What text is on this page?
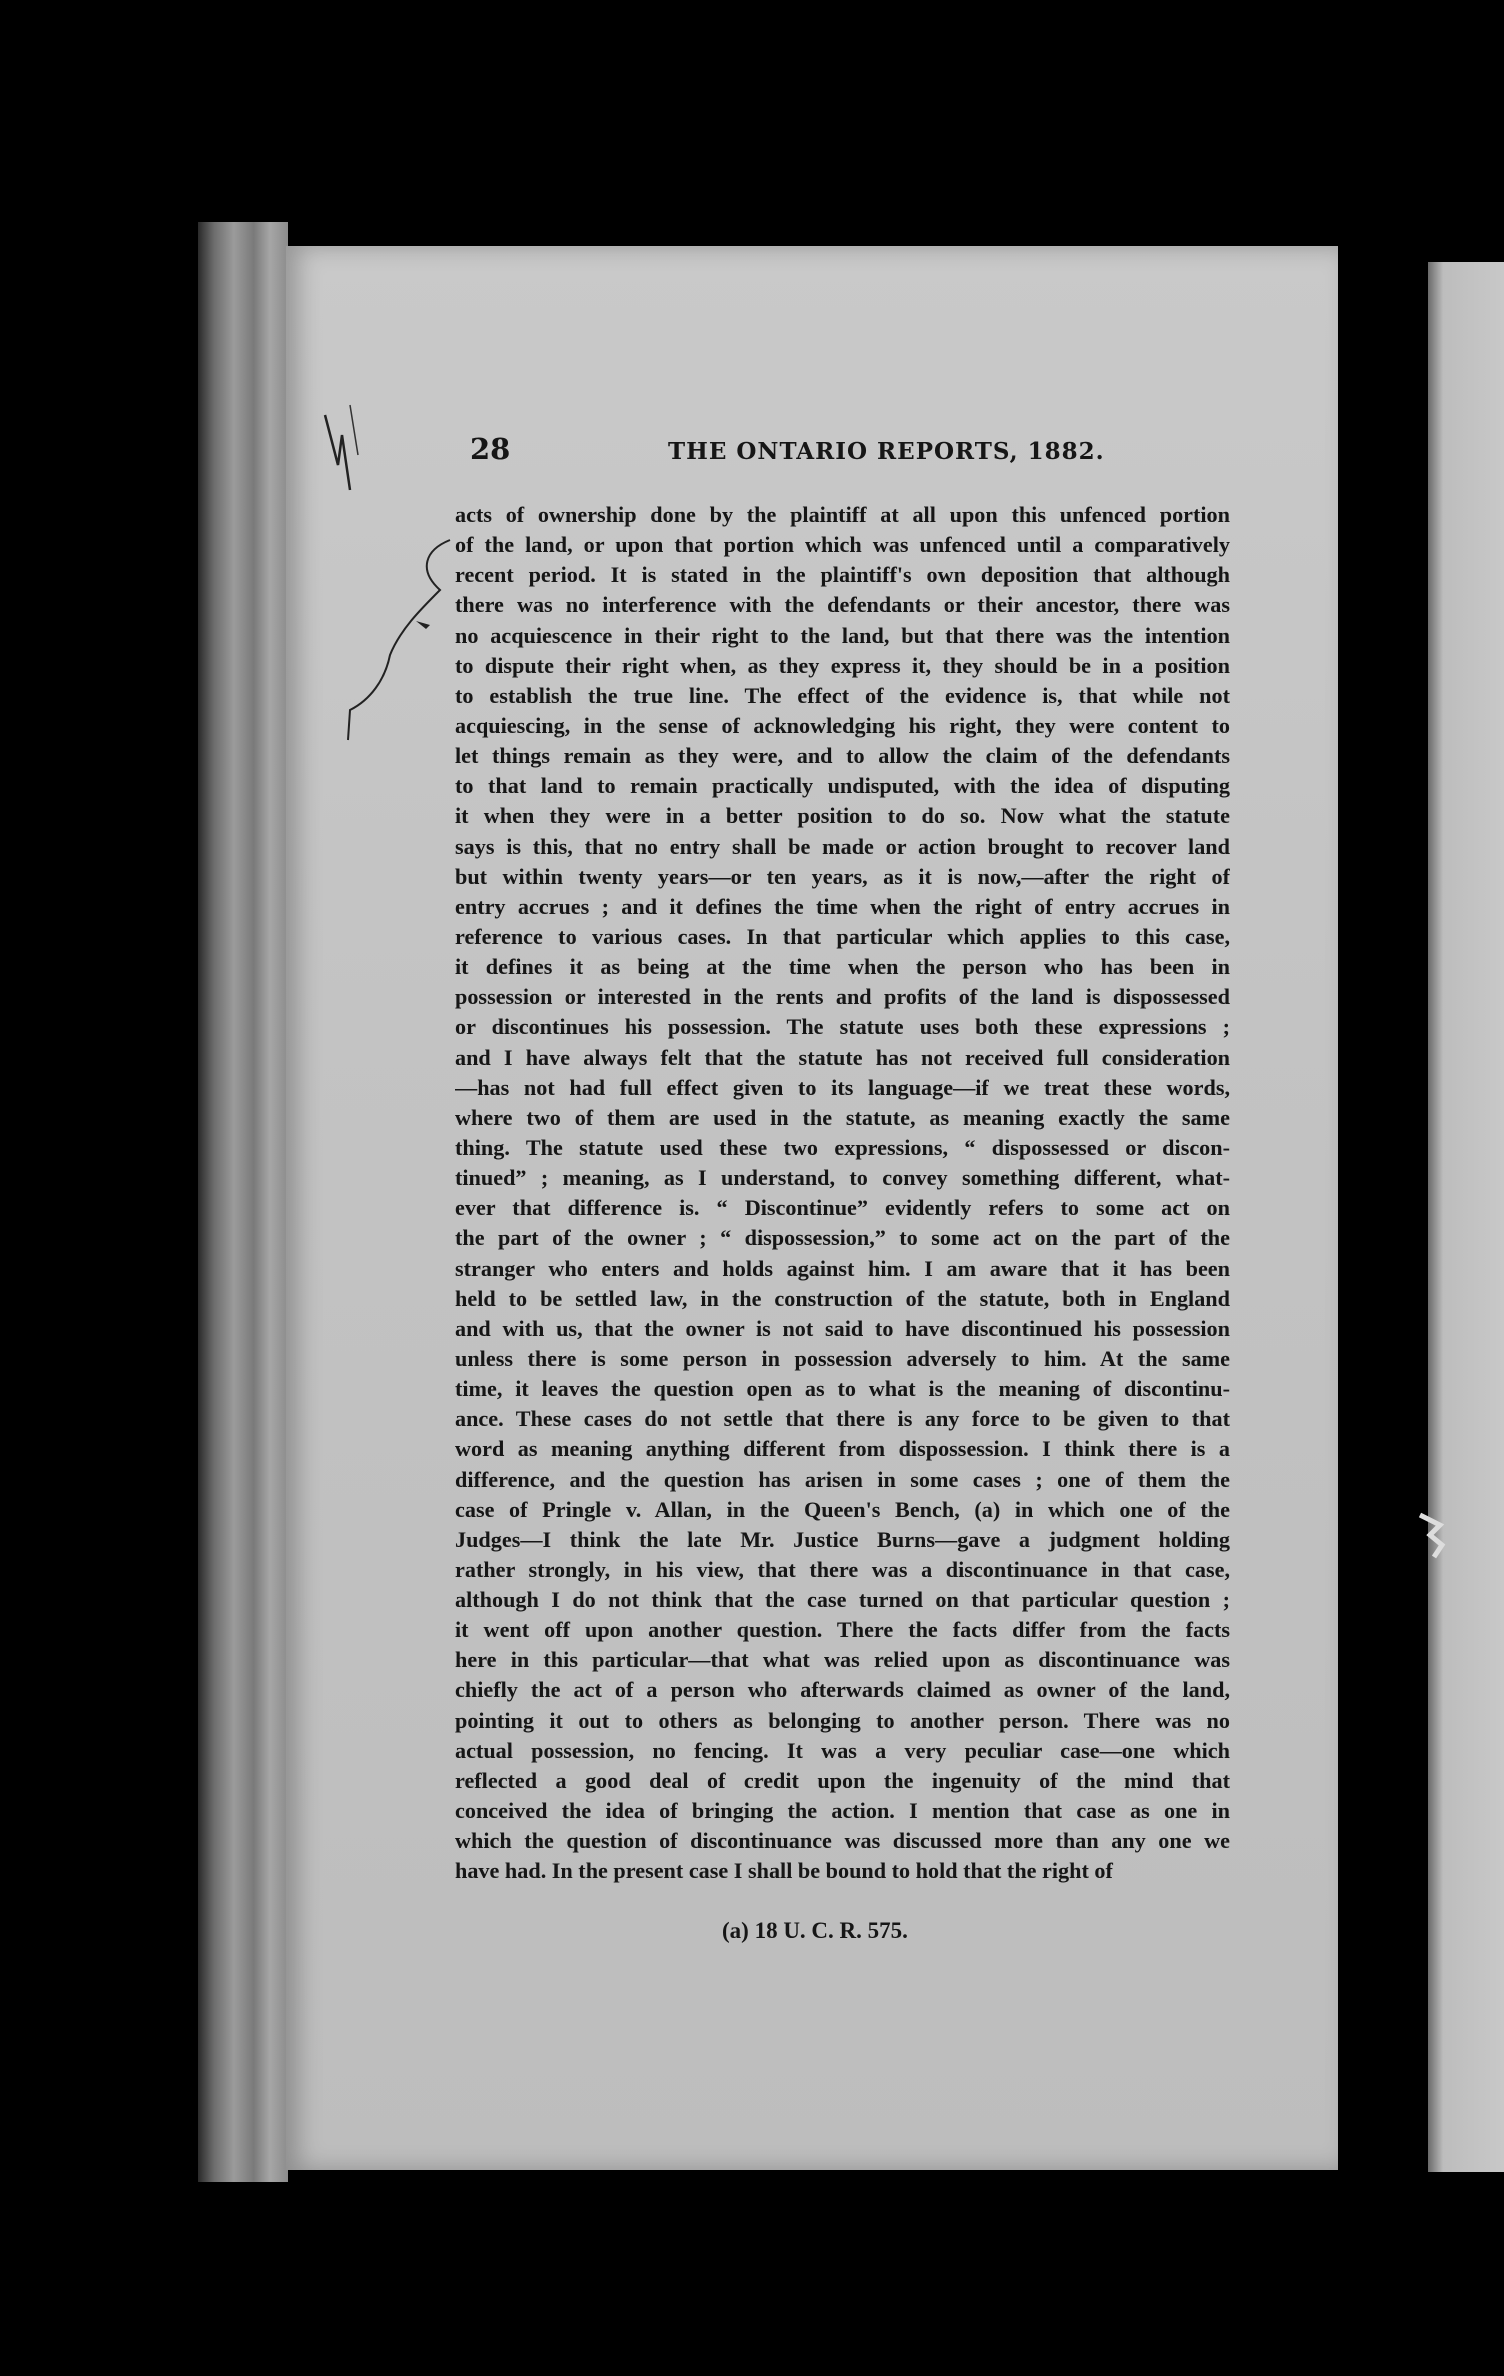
28	THE ONTARIO REPORTS, 1882.
acts of ownership done by the plaintiff at all upon this unfenced portion
of the land, or upon that portion which was unfenced until a comparatively
recent period. It is stated in the plaintiff's own deposition that although
there was no interference with the defendants or their ancestor, there was
no acquiescence in their right to the land, but that there was the intention
to dispute their right when, as they express it, they should be in a position
to establish the true line. The effect of the evidence is, that while not
acquiescing, in the sense of acknowledging his right, they were content to
let things remain as they were, and to allow the claim of the defendants
to that land to remain practically undisputed, with the idea of disputing
it when they were in a better position to do so. Now what the statute
says is this, that no entry shall be made or action brought to recover land
but within twenty years—or ten years, as it is now,—after the right of
entry accrues ; and it defines the time when the right of entry accrues in
reference to various cases. In that particular which applies to this case,
it defines it as being at the time when the person who has been in
possession or interested in the rents and profits of the land is dispossessed
or discontinues his possession. The statute uses both these expressions ;
and I have always felt that the statute has not received full consideration
—has not had full effect given to its language—if we treat these words,
where two of them are used in the statute, as meaning exactly the same
thing. The statute used these two expressions, “ dispossessed or discon-
tinued” ; meaning, as I understand, to convey something different, what-
ever that difference is. “ Discontinue” evidently refers to some act on
the part of the owner ; “ dispossession,” to some act on the part of the
stranger who enters and holds against him. I am aware that it has been
held to be settled law, in the construction of the statute, both in England
and with us, that the owner is not said to have discontinued his possession
unless there is some person in possession adversely to him. At the same
time, it leaves the question open as to what is the meaning of discontinu-
ance. These cases do not settle that there is any force to be given to that
word as meaning anything different from dispossession. I think there is a
difference, and the question has arisen in some cases ; one of them the
case of Pringle v. Allan, in the Queen's Bench, (a) in which one of the
Judges—I think the late Mr. Justice Burns—gave a judgment holding
rather strongly, in his view, that there was a discontinuance in that case,
although I do not think that the case turned on that particular question ;
it went off upon another question. There the facts differ from the facts
here in this particular—that what was relied upon as discontinuance was
chiefly the act of a person who afterwards claimed as owner of the land,
pointing it out to others as belonging to another person. There was no
actual possession, no fencing. It was a very peculiar case—one which
reflected a good deal of credit upon the ingenuity of the mind that
conceived the idea of bringing the action. I mention that case as one in
which the question of discontinuance was discussed more than any one we
have had. In the present case I shall be bound to hold that the right of
(a) 18 U. C. R. 575.
